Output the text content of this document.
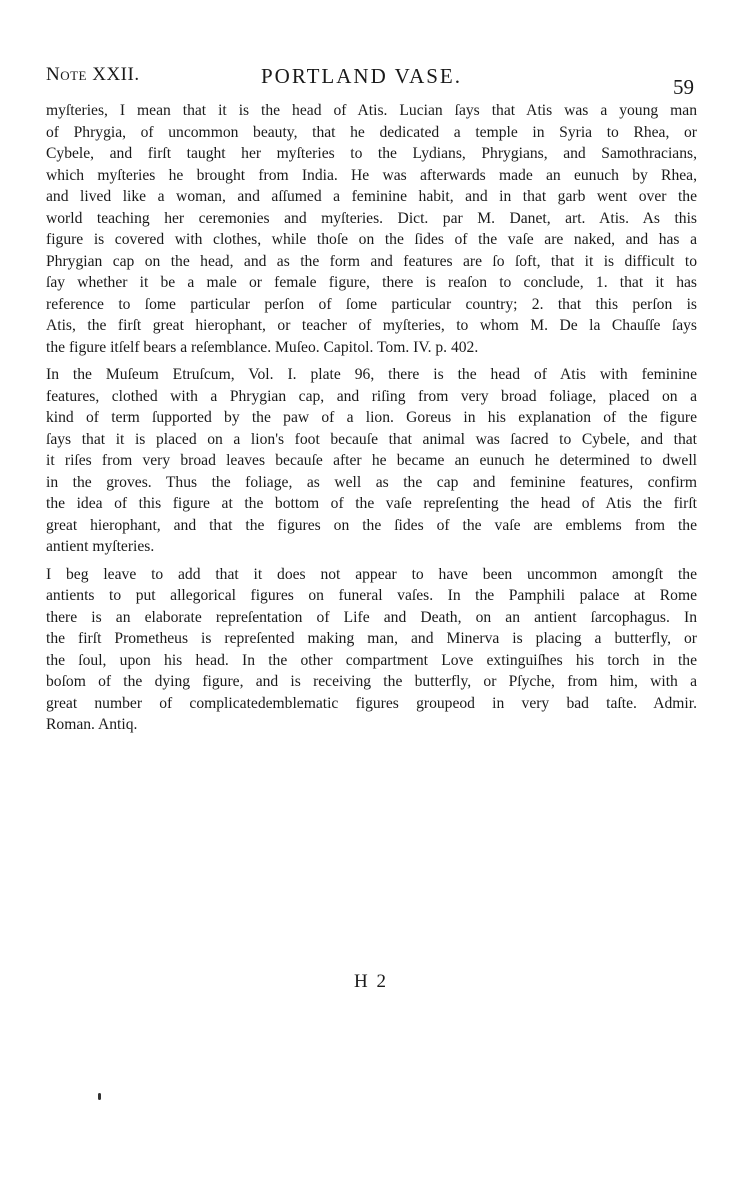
Note XXII.	PORTLAND VASE.	59
myſteries, I mean that it is the head of Atis. Lucian ſays that Atis was a young man
of Phrygia, of uncommon beauty, that he dedicated a temple in Syria to Rhea, or
Cybele, and firſt taught her myſteries to the Lydians, Phrygians, and Samothracians,
which myſteries he brought from India. He was afterwards made an eunuch by Rhea,
and lived like a woman, and aſſumed a feminine habit, and in that garb went over the
world teaching her ceremonies and myſteries. Dict. par M. Danet, art. Atis. As this
figure is covered with clothes, while thoſe on the ſides of the vaſe are naked, and has a
Phrygian cap on the head, and as the form and features are ſo ſoft, that it is difficult to
ſay whether it be a male or female figure, there is reaſon to conclude, 1. that it has
reference to ſome particular perſon of ſome particular country; 2. that this perſon is
Atis, the firſt great hierophant, or teacher of myſteries, to whom M. De la Chauſſe ſays
the figure itſelf bears a reſemblance. Muſeo. Capitol. Tom. IV. p. 402.
In the Muſeum Etruſcum, Vol. I. plate 96, there is the head of Atis with feminine
features, clothed with a Phrygian cap, and riſing from very broad foliage, placed on a
kind of term ſupported by the paw of a lion. Goreus in his explanation of the figure
ſays that it is placed on a lion's foot becauſe that animal was ſacred to Cybele, and that
it riſes from very broad leaves becauſe after he became an eunuch he determined to dwell
in the groves. Thus the foliage, as well as the cap and feminine features, confirm
the idea of this figure at the bottom of the vaſe repreſenting the head of Atis the firſt
great hierophant, and that the figures on the ſides of the vaſe are emblems from the
antient myſteries.
I beg leave to add that it does not appear to have been uncommon amongſt the
antients to put allegorical figures on funeral vaſes. In the Pamphili palace at Rome
there is an elaborate repreſentation of Life and Death, on an antient ſarcophagus. In
the firſt Prometheus is repreſented making man, and Minerva is placing a butterfly, or
the ſoul, upon his head. In the other compartment Love extinguiſhes his torch in the
boſom of the dying figure, and is receiving the butterfly, or Pſyche, from him, with a
great number of complicatedemblematic figures groupeod in very bad taſte. Admir.
Roman. Antiq.
H 2
